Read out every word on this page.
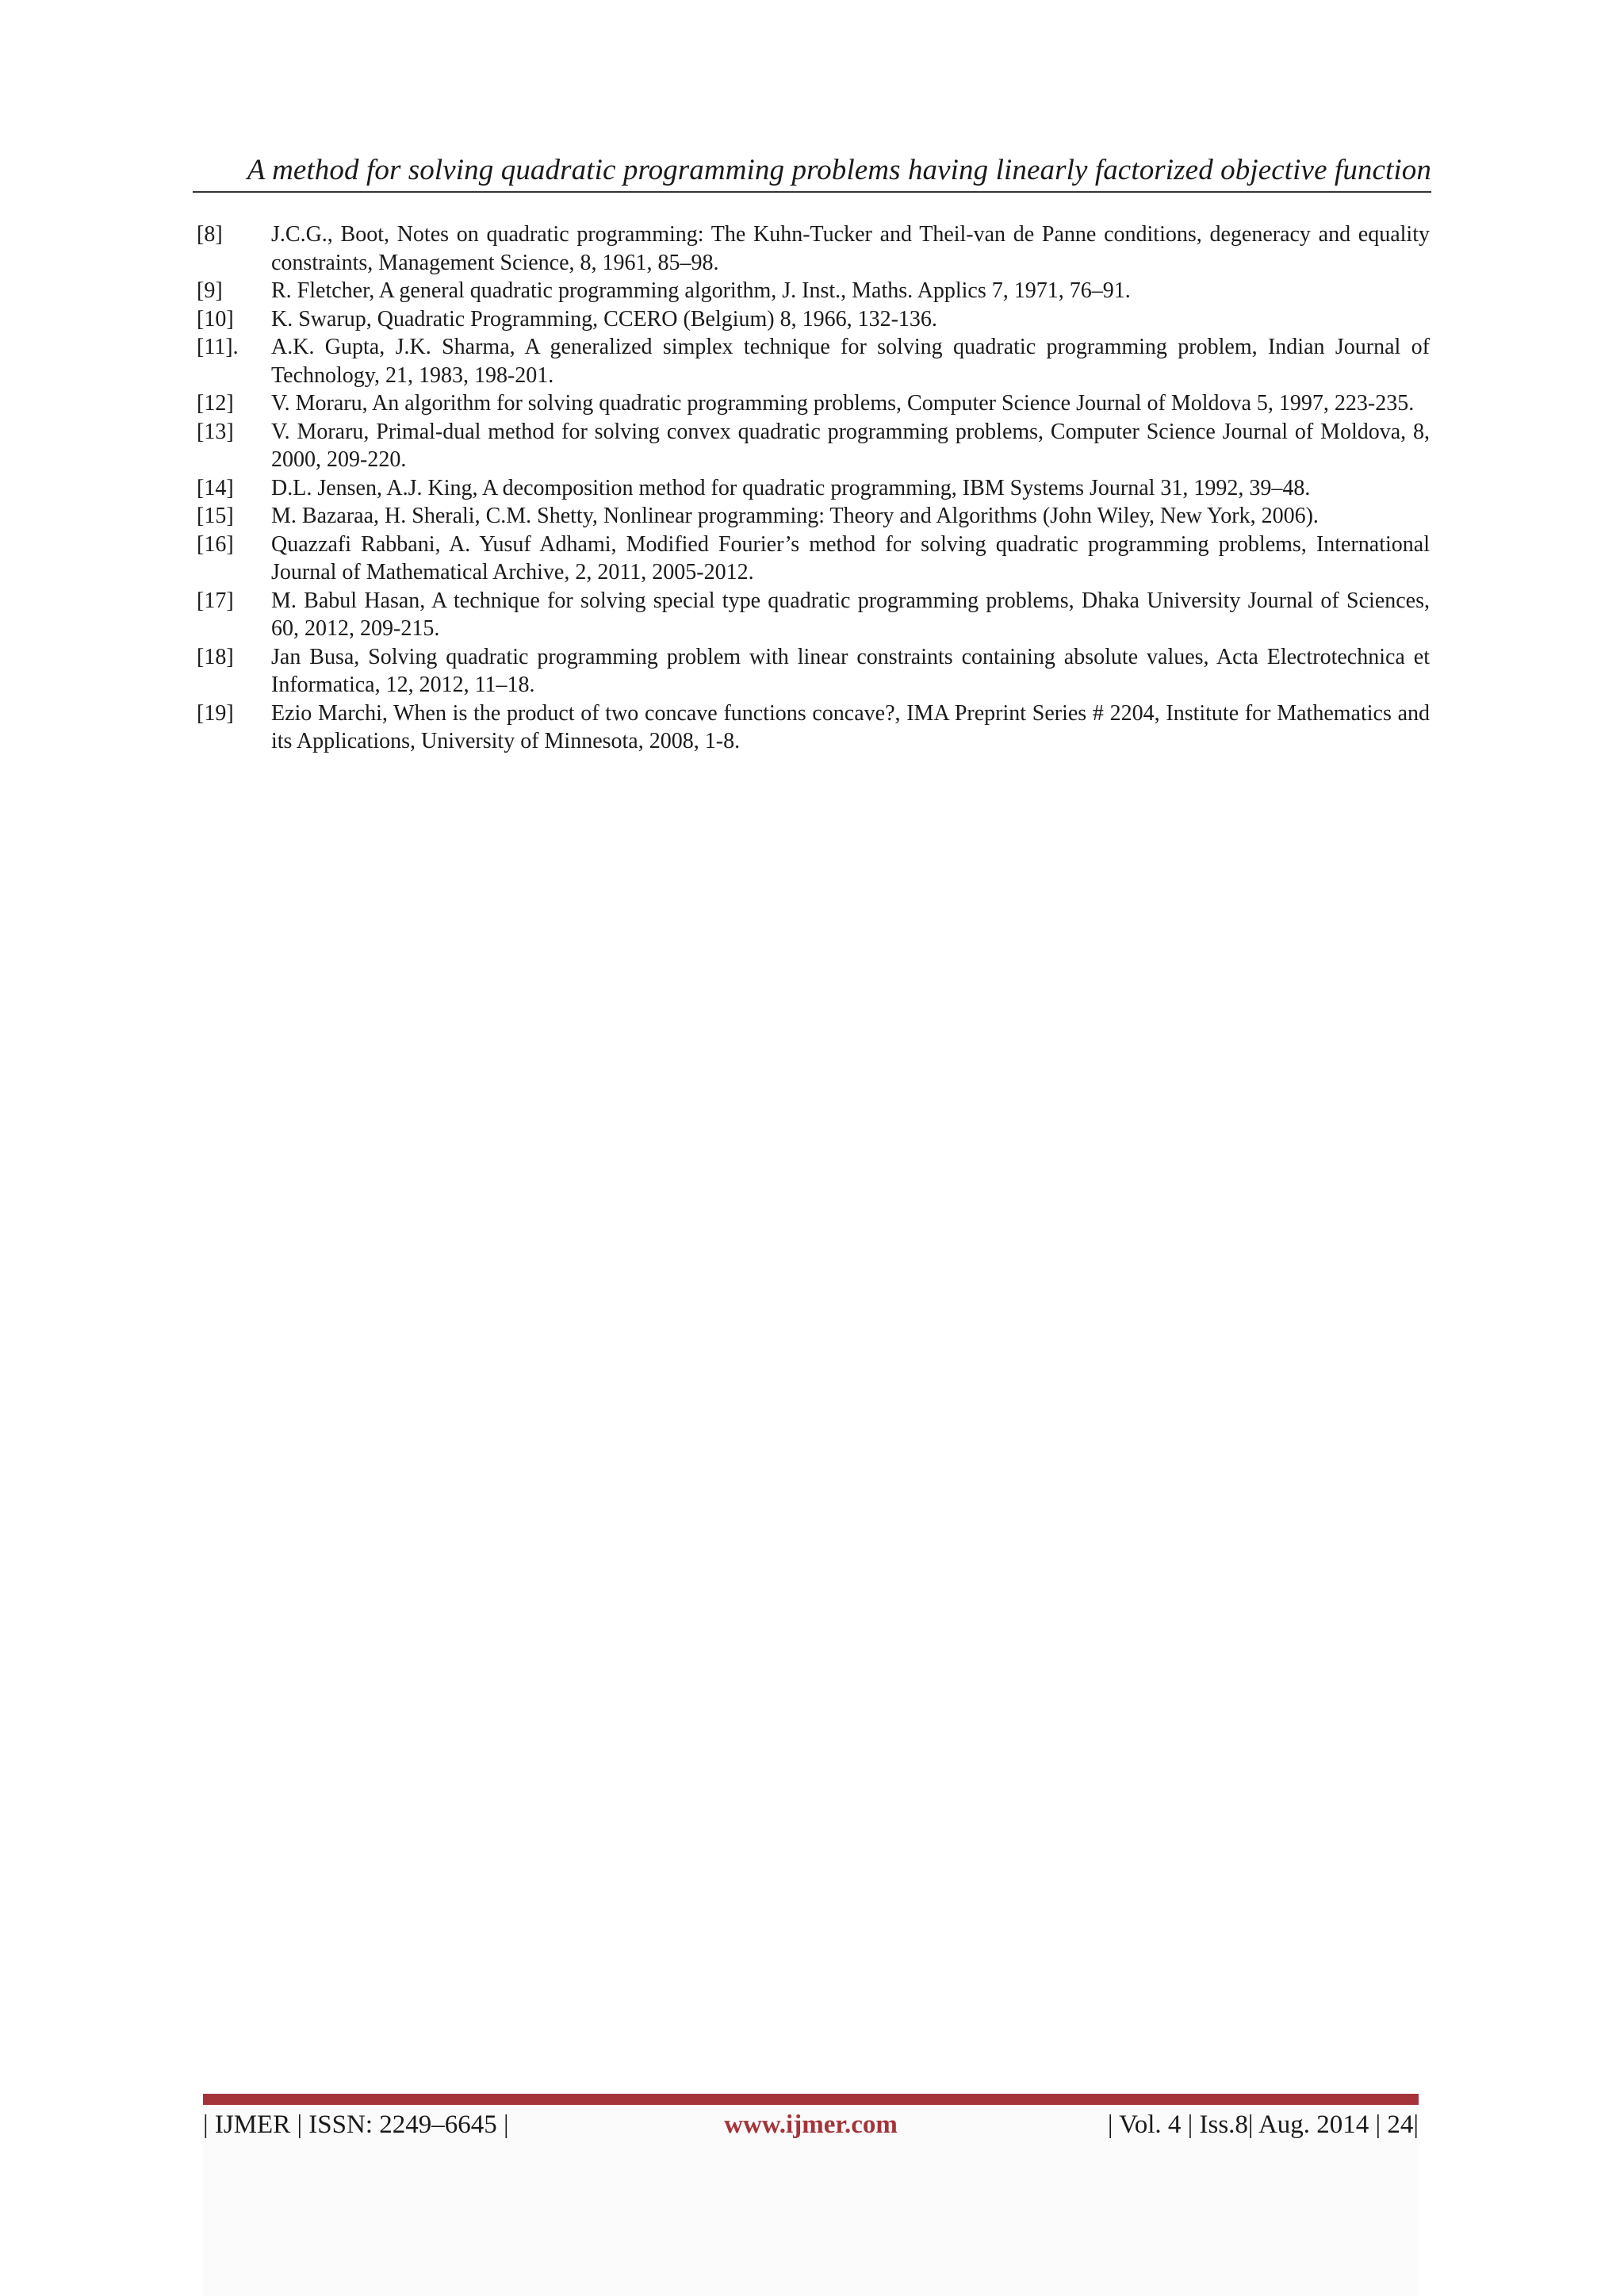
A method for solving quadratic programming problems having linearly factorized objective function
[8]	J.C.G., Boot, Notes on quadratic programming: The Kuhn-Tucker and Theil-van de Panne conditions, degeneracy and equality constraints, Management Science, 8, 1961, 85–98.
[9]	R. Fletcher, A general quadratic programming algorithm, J. Inst., Maths. Applics 7, 1971, 76–91.
[10]	K. Swarup, Quadratic Programming, CCERO (Belgium) 8, 1966, 132-136.
[11].	A.K. Gupta, J.K. Sharma, A generalized simplex technique for solving quadratic programming problem, Indian Journal of Technology, 21, 1983, 198-201.
[12]	V. Moraru, An algorithm for solving quadratic programming problems, Computer Science Journal of Moldova 5, 1997, 223-235.
[13]	V. Moraru, Primal-dual method for solving convex quadratic programming problems, Computer Science Journal of Moldova, 8, 2000, 209-220.
[14]	D.L. Jensen, A.J. King, A decomposition method for quadratic programming, IBM Systems Journal 31, 1992, 39–48.
[15]	M. Bazaraa, H. Sherali, C.M. Shetty, Nonlinear programming: Theory and Algorithms (John Wiley, New York, 2006).
[16]	Quazzafi Rabbani, A. Yusuf Adhami, Modified Fourier’s method for solving quadratic programming problems, International Journal of Mathematical Archive, 2, 2011, 2005-2012.
[17]	M. Babul Hasan, A technique for solving special type quadratic programming problems, Dhaka University Journal of Sciences, 60, 2012, 209-215.
[18]	Jan Busa, Solving quadratic programming problem with linear constraints containing absolute values, Acta Electrotechnica et Informatica, 12, 2012, 11–18.
[19]	Ezio Marchi, When is the product of two concave functions concave?, IMA Preprint Series # 2204, Institute for Mathematics and its Applications, University of Minnesota, 2008, 1-8.
| IJMER | ISSN: 2249–6645 |	www.ijmer.com	| Vol. 4 | Iss.8| Aug. 2014 | 24|
